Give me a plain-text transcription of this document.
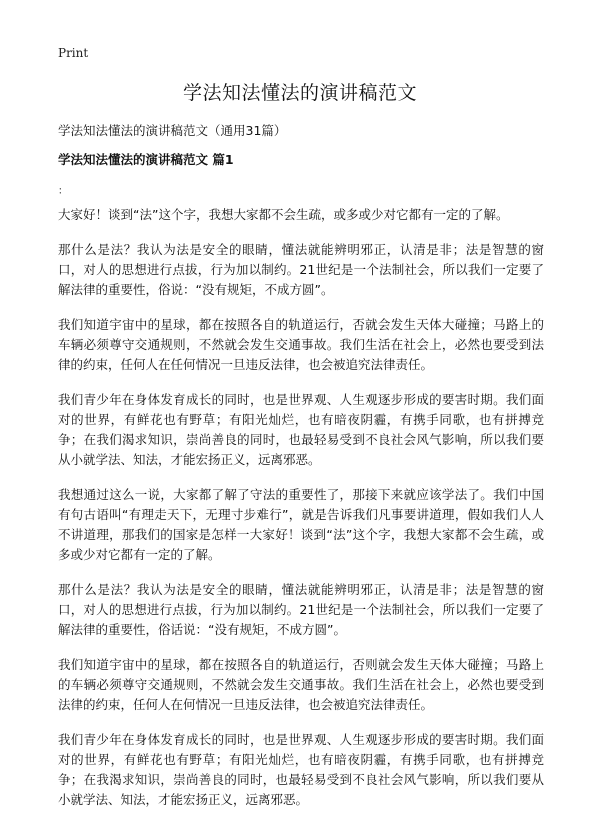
Print
学法知法懂法的演讲稿范文

学法知法懂法的演讲稿范文（通用31篇）

学法知法懂法的演讲稿范文 篇1

：

大家好！谈到“法”这个字，我想大家都不会生疏，或多或少对它都有一定的了解。

那什么是法？我认为法是安全的眼睛，懂法就能辨明邪正，认清是非；法是智慧的窗口，对人的思想进行点拔，行为加以制约。21世纪是一个法制社会，所以我们一定要了解法律的重要性，俗说：“没有规矩，不成方圆”。

我们知道宇宙中的星球，都在按照各自的轨道运行，否就会发生天体大碰撞；马路上的车辆必须尊守交通规则，不然就会发生交通事故。我们生活在社会上，必然也要受到法律的约束，任何人在任何情况一旦违反法律，也会被追究法律责任。

我们青少年在身体发育成长的同时，也是世界观、人生观逐步形成的要害时期。我们面对的世界，有鲜花也有野草；有阳光灿烂，也有暗夜阴霾，有携手同歌，也有拼搏竞争；在我们渴求知识，崇尚善良的同时，也最轻易受到不良社会风气影响，所以我们要从小就学法、知法，才能宏扬正义，远离邪恶。

我想通过这么一说，大家都了解了守法的重要性了，那接下来就应该学法了。我们中国有句古语叫“有理走天下，无理寸步难行”，就是告诉我们凡事要讲道理，假如我们人人不讲道理，那我们的国家是怎样一大家好！谈到“法”这个字，我想大家都不会生疏，或多或少对它都有一定的了解。

那什么是法？我认为法是安全的眼睛，懂法就能辨明邪正，认清是非；法是智慧的窗口，对人的思想进行点拔，行为加以制约。21世纪是一个法制社会，所以我们一定要了解法律的重要性，俗话说：“没有规矩，不成方圆”。

我们知道宇宙中的星球，都在按照各自的轨道运行，否则就会发生天体大碰撞；马路上的车辆必须尊守交通规则，不然就会发生交通事故。我们生活在社会上，必然也要受到法律的约束，任何人在何情况一旦违反法律，也会被追究法律责任。

我们青少年在身体发育成长的同时，也是世界观、人生观逐步形成的要害时期。我们面对的世界，有鲜花也有野草；有阳光灿烂，也有暗夜阴霾，有携手同歌，也有拼搏竞争；在我渴求知识，崇尚善良的同时，也最轻易受到不良社会风气影响，所以我们要从小就学法、知法，才能宏扬正义，远离邪恶。
